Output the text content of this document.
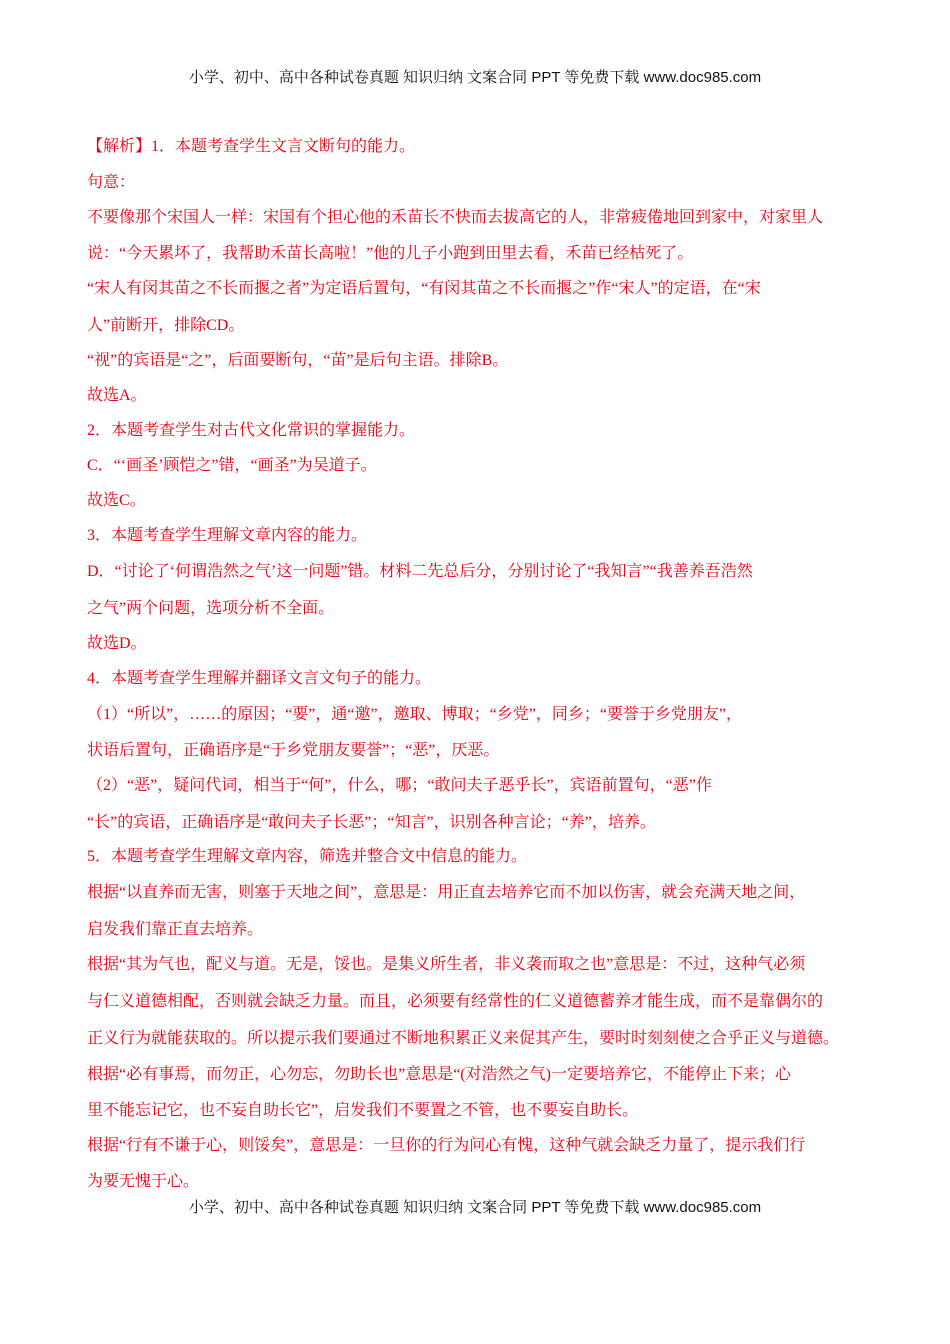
小学、初中、高中各种试卷真题 知识归纳 文案合同 PPT 等免费下载 www.doc985.com
【解析】1．本题考查学生文言文断句的能力。
句意：
不要像那个宋国人一样：宋国有个担心他的禾苗长不快而去拔高它的人，非常疲倦地回到家中，对家里人
说：“今天累坏了，我帮助禾苗长高啦！”他的儿子小跑到田里去看，禾苗已经枯死了。
“宋人有闵其苗之不长而揠之者”为定语后置句，“有闵其苗之不长而揠之”作“宋人”的定语，在“宋
人”前断开，排除CD。
“视”的宾语是“之”，后面要断句，“苗”是后句主语。排除B。
故选A。
2．本题考查学生对古代文化常识的掌握能力。
C．“‘画圣’顾恺之”错，“画圣”为吴道子。
故选C。
3．本题考查学生理解文章内容的能力。
D．“讨论了‘何谓浩然之气’这一问题”错。材料二先总后分，分别讨论了“我知言”“我善养吾浩然
之气”两个问题，选项分析不全面。
故选D。
4．本题考查学生理解并翻译文言文句子的能力。
（1）“所以”，……的原因；“要”，通“邀”，邀取、博取；“乡党”，同乡；“要誉于乡党朋友”，
状语后置句，正确语序是“于乡党朋友要誉”；“恶”，厌恶。
（2）“恶”，疑问代词，相当于“何”，什么，哪；“敢问夫子恶乎长”，宾语前置句，“恶”作
“长”的宾语，正确语序是“敢问夫子长恶”；“知言”，识别各种言论；“养”，培养。
5．本题考查学生理解文章内容，筛选并整合文中信息的能力。
根据“以直养而无害，则塞于天地之间”，意思是：用正直去培养它而不加以伤害，就会充满天地之间，
启发我们靠正直去培养。
根据“其为气也，配义与道。无是，馁也。是集义所生者，非义袭而取之也”意思是：不过，这种气必须
与仁义道德相配，否则就会缺乏力量。而且，必须要有经常性的仁义道德蓄养才能生成，而不是靠偶尔的
正义行为就能获取的。所以提示我们要通过不断地积累正义来促其产生，要时时刻刻使之合乎正义与道德。
根据“必有事焉，而勿正，心勿忘，勿助长也”意思是“(对浩然之气)一定要培养它，不能停止下来；心
里不能忘记它，也不妄自助长它”，启发我们不要置之不管，也不要妄自助长。
根据“行有不谦于心，则馁矣”，意思是：一旦你的行为问心有愧，这种气就会缺乏力量了，提示我们行
为要无愧于心。
小学、初中、高中各种试卷真题 知识归纳 文案合同 PPT 等免费下载 www.doc985.com
